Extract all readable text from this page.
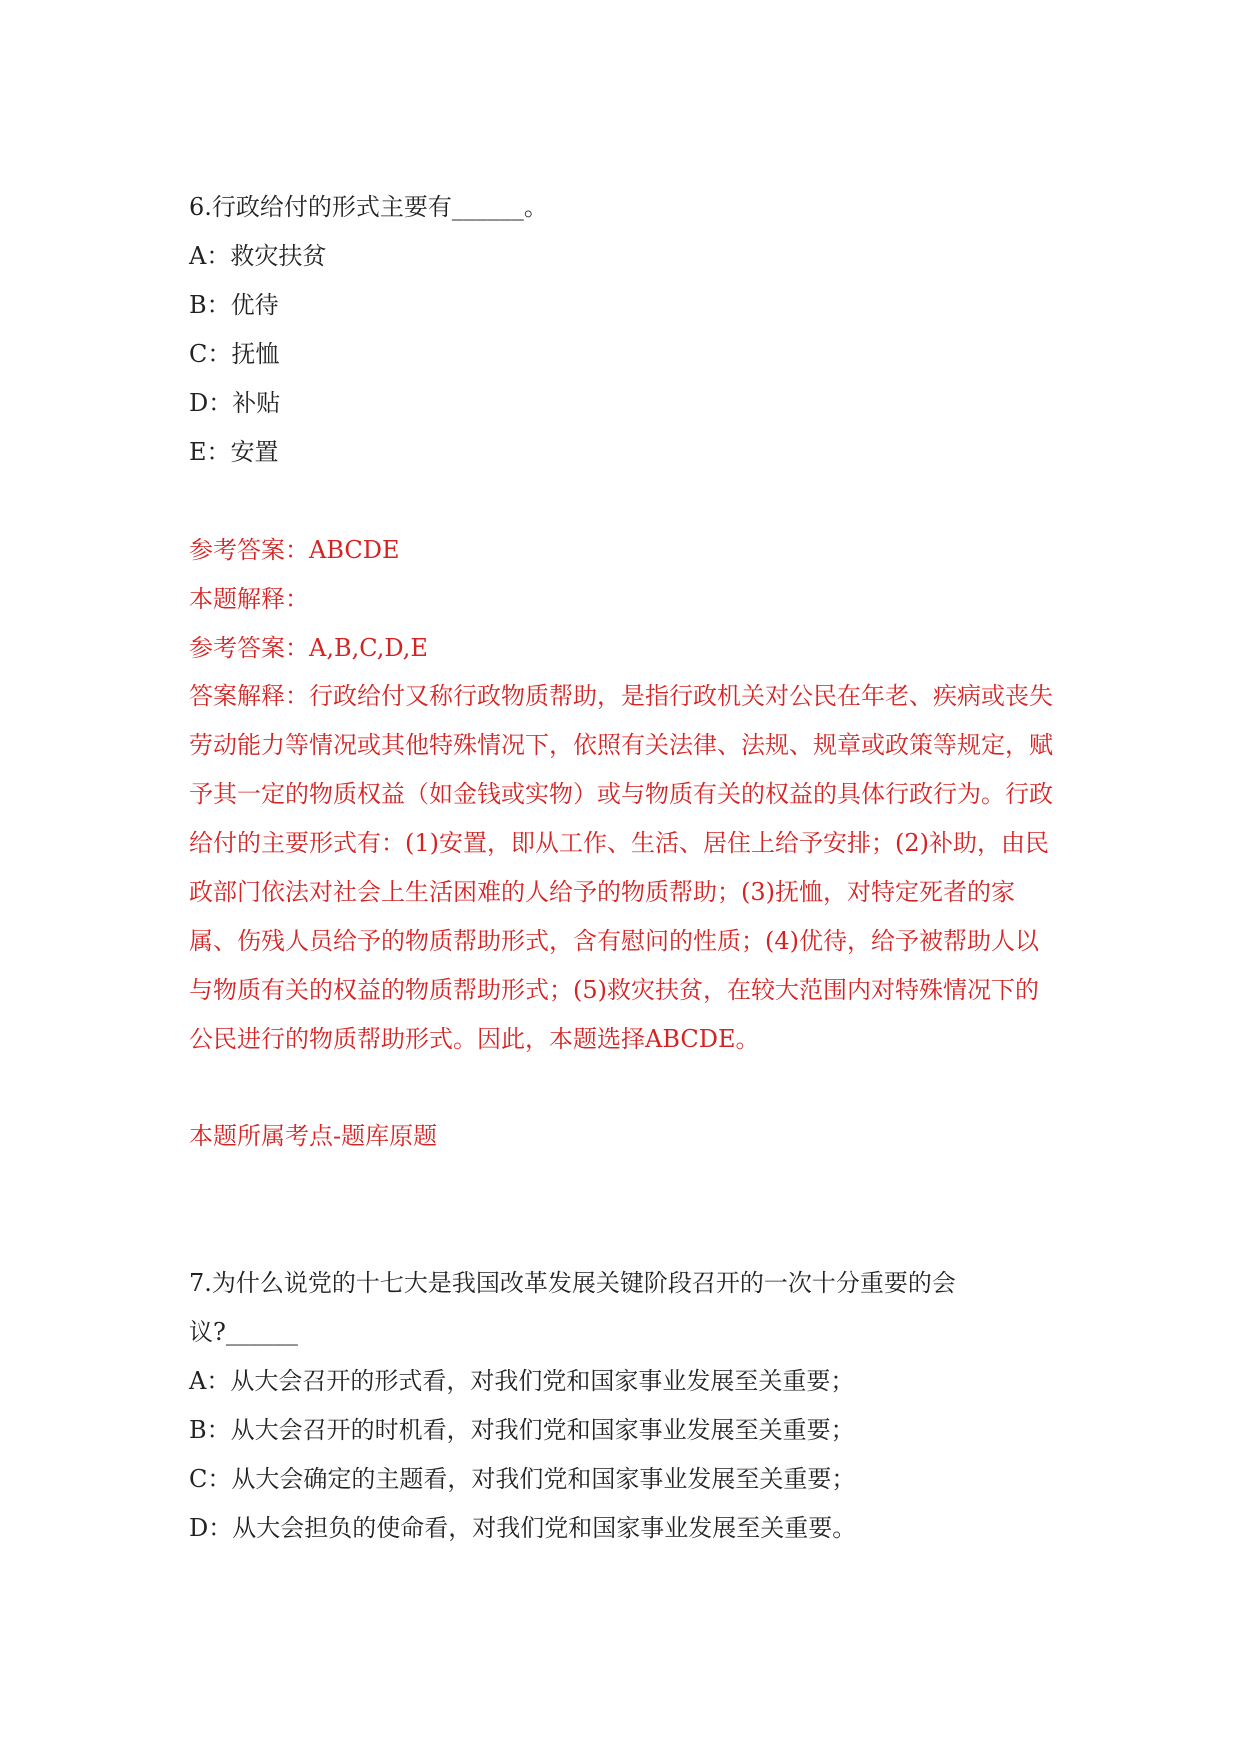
6.行政给付的形式主要有______。
A：救灾扶贫
B：优待
C：抚恤
D：补贴
E：安置
参考答案：ABCDE
本题解释：
参考答案：A,B,C,D,E
答案解释：行政给付又称行政物质帮助，是指行政机关对公民在年老、疾病或丧失劳动能力等情况或其他特殊情况下，依照有关法律、法规、规章或政策等规定，赋予其一定的物质权益（如金钱或实物）或与物质有关的权益的具体行政行为。行政给付的主要形式有：(1)安置，即从工作、生活、居住上给予安排；(2)补助，由民政部门依法对社会上生活困难的人给予的物质帮助；(3)抚恤，对特定死者的家属、伤残人员给予的物质帮助形式，含有慰问的性质；(4)优待，给予被帮助人以与物质有关的权益的物质帮助形式；(5)救灾扶贫，在较大范围内对特殊情况下的公民进行的物质帮助形式。因此，本题选择ABCDE。
本题所属考点-题库原题
7.为什么说党的十七大是我国改革发展关键阶段召开的一次十分重要的会
议?______
A：从大会召开的形式看，对我们党和国家事业发展至关重要；
B：从大会召开的时机看，对我们党和国家事业发展至关重要；
C：从大会确定的主题看，对我们党和国家事业发展至关重要；
D：从大会担负的使命看，对我们党和国家事业发展至关重要。
